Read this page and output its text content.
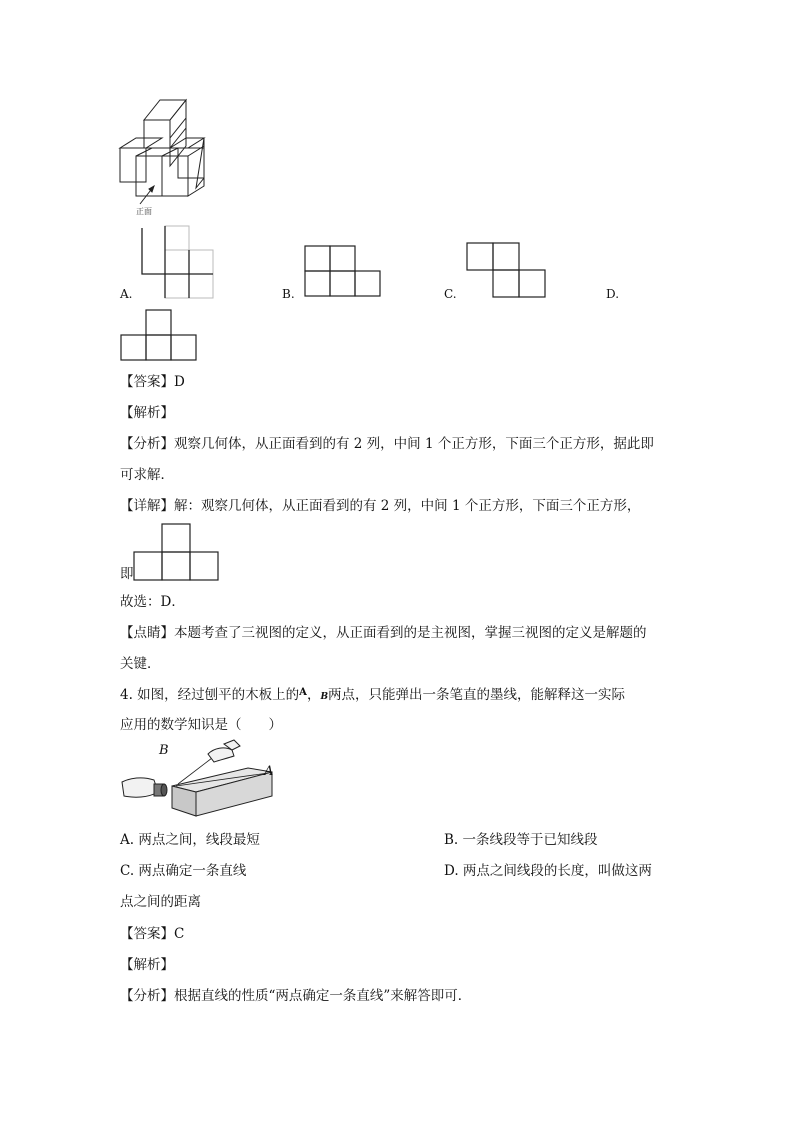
正面
A.	B.	C.	D.
【答案】D
【解析】
【分析】观察几何体，从正面看到的有 2 列，中间 1 个正方形，下面三个正方形，据此即
可求解．
【详解】解：观察几何体，从正面看到的有 2 列，中间 1 个正方形，下面三个正方形，
即
故选：D．
【点睛】本题考查了三视图的定义，从正面看到的是主视图，掌握三视图的定义是解题的
关键．
4. 如图，经过刨平的木板上的$^A$，B两点，只能弹出一条笔直的墨线，能解释这一实际
应用的数学知识是（　　）
B
A
A. 两点之间，线段最短	B. 一条线段等于已知线段
C. 两点确定一条直线	D. 两点之间线段的长度，叫做这两
点之间的距离
【答案】C
【解析】
【分析】根据直线的性质“两点确定一条直线”来解答即可．
